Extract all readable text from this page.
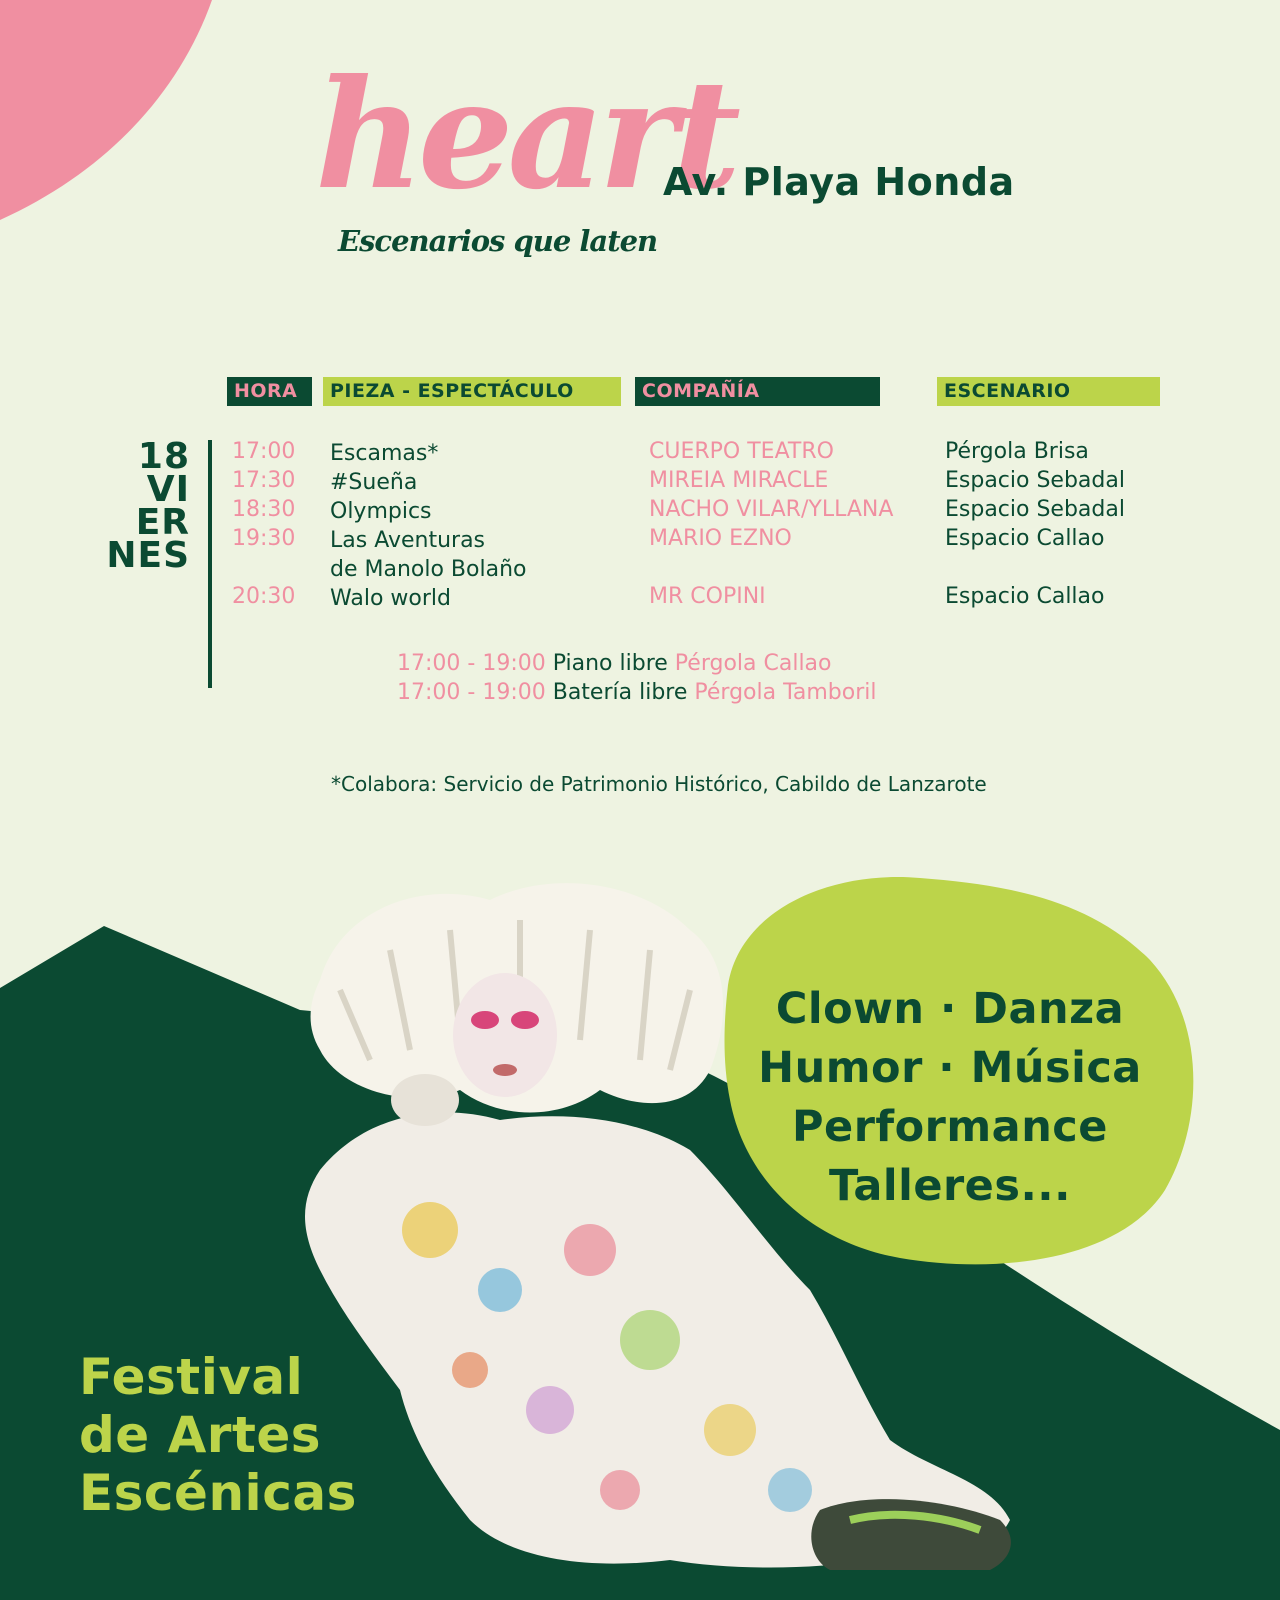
heart
Escenarios que laten
Av. Playa Honda
HORA	PIEZA - ESPECTÁCULO	COMPAÑÍA	ESCENARIO
18
VI
ER
NES
17:00 Escamas*	CUERPO TEATRO	Pérgola Brisa
17:30 #Sueña	MIREIA MIRACLE	Espacio Sebadal
18:30 Olympics	NACHO VILAR/YLLANA Espacio Sebadal
19:30 Las Aventuras	MARIO EZNO	Espacio Callao
de Manolo Bolaño
20:30 Walo world	MR COPINI	Espacio Callao
17:00 - 19:00 Piano libre Pérgola Callao
17:00 - 19:00 Batería libre Pérgola Tamboril
*Colabora: Servicio de Patrimonio Histórico, Cabildo de Lanzarote
Clown · Danza
Humor · Música
Performance
Talleres...
Festival
de Artes
Escénicas
